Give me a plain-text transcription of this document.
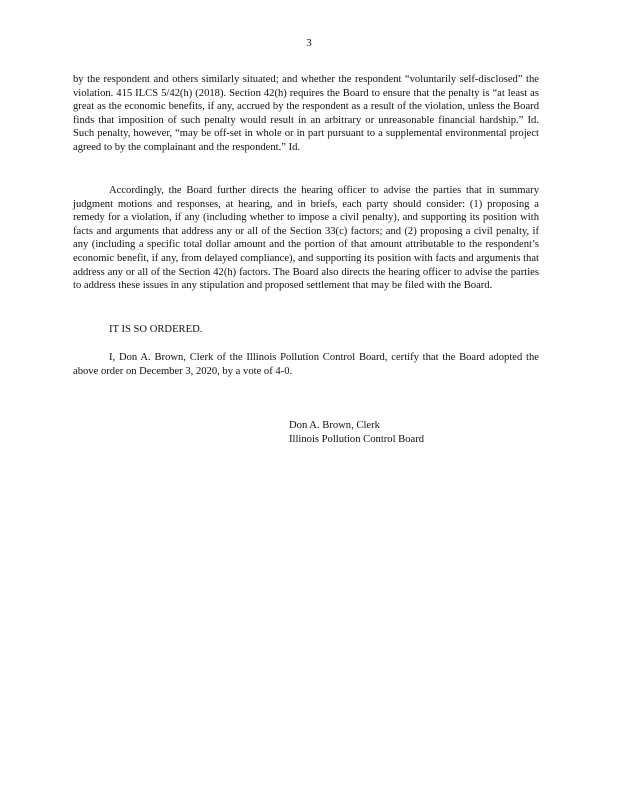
3

by the respondent and others similarly situated; and whether the respondent “voluntarily self-disclosed” the violation. 415 ILCS 5/42(h) (2018). Section 42(h) requires the Board to ensure that the penalty is “at least as great as the economic benefits, if any, accrued by the respondent as a result of the violation, unless the Board finds that imposition of such penalty would result in an arbitrary or unreasonable financial hardship.” Id. Such penalty, however, “may be off-set in whole or in part pursuant to a supplemental environmental project agreed to by the complainant and the respondent.” Id.

Accordingly, the Board further directs the hearing officer to advise the parties that in summary judgment motions and responses, at hearing, and in briefs, each party should consider: (1) proposing a remedy for a violation, if any (including whether to impose a civil penalty), and supporting its position with facts and arguments that address any or all of the Section 33(c) factors; and (2) proposing a civil penalty, if any (including a specific total dollar amount and the portion of that amount attributable to the respondent’s economic benefit, if any, from delayed compliance), and supporting its position with facts and arguments that address any or all of the Section 42(h) factors. The Board also directs the hearing officer to advise the parties to address these issues in any stipulation and proposed settlement that may be filed with the Board.

IT IS SO ORDERED.

I, Don A. Brown, Clerk of the Illinois Pollution Control Board, certify that the Board adopted the above order on December 3, 2020, by a vote of 4-0.

Don A. Brown, Clerk
Illinois Pollution Control Board
